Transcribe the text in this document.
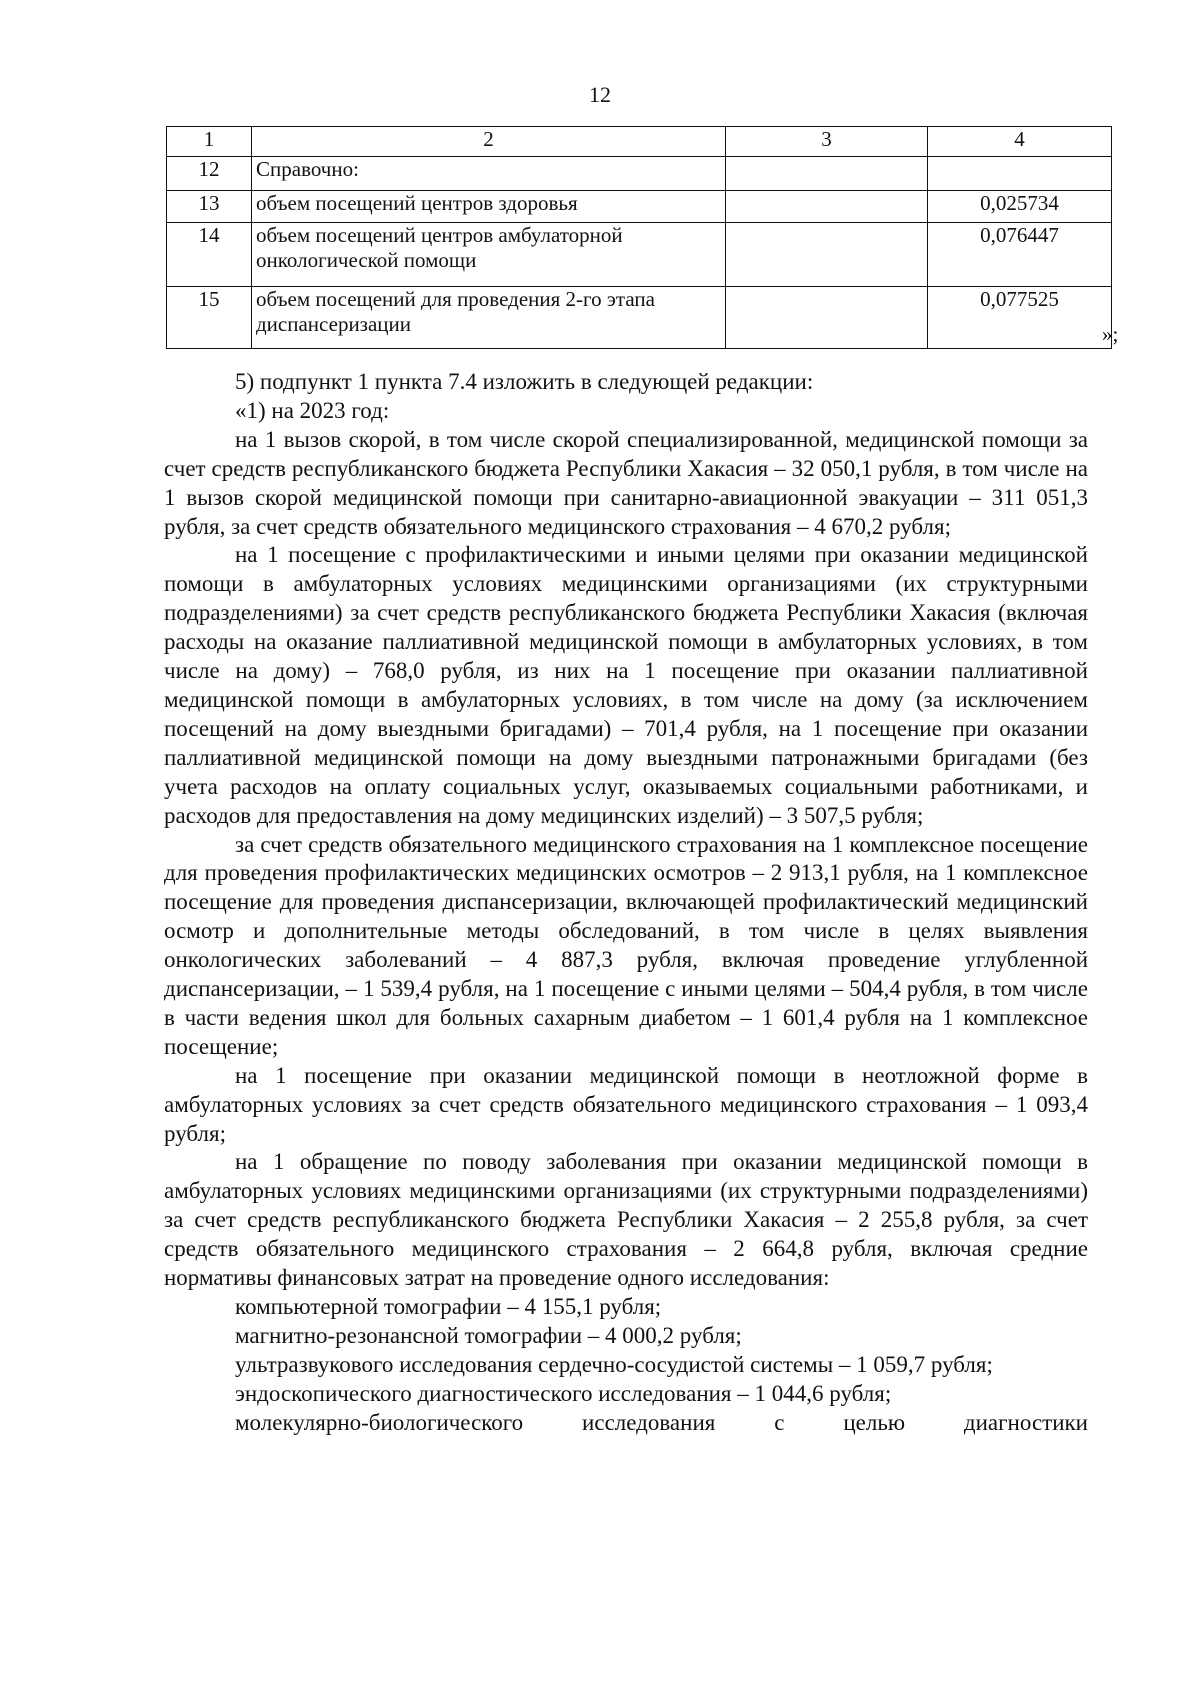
12
1	2	3	4
12	Справочно:		
13	объем посещений центров здоровья		0,025734
14	объем посещений центров амбулаторной онкологической помощи		0,076447
15	объем посещений для проведения 2-го этапа диспансеризации		0,077525
»;

5) подпункт 1 пункта 7.4 изложить в следующей редакции:

«1) на 2023 год:

на 1 вызов скорой, в том числе скорой специализированной, медицинской помощи за счет средств республиканского бюджета Республики Хакасия – 32 050,1 рубля, в том числе на 1 вызов скорой медицинской помощи при санитарно-авиационной эвакуации – 311 051,3 рубля, за счет средств обязательного медицинского страхования – 4 670,2 рубля;

на 1 посещение с профилактическими и иными целями при оказании медицинской помощи в амбулаторных условиях медицинскими организациями (их структурными подразделениями) за счет средств республиканского бюджета Республики Хакасия (включая расходы на оказание паллиативной медицинской помощи в амбулаторных условиях, в том числе на дому) – 768,0 рубля, из них на 1 посещение при оказании паллиативной медицинской помощи в амбулаторных условиях, в том числе на дому (за исключением посещений на дому выездными бригадами) – 701,4 рубля, на 1 посещение при оказании паллиативной медицинской помощи на дому выездными патронажными бригадами (без учета расходов на оплату социальных услуг, оказываемых социальными работниками, и расходов для предоставления на дому медицинских изделий) – 3 507,5 рубля;

за счет средств обязательного медицинского страхования на 1 комплексное посещение для проведения профилактических медицинских осмотров – 2 913,1 рубля, на 1 комплексное посещение для проведения диспансеризации, включающей профилактический медицинский осмотр и дополнительные методы обследований, в том числе в целях выявления онкологических заболеваний – 4 887,3 рубля, включая проведение углубленной диспансеризации, – 1 539,4 рубля, на 1 посещение с иными целями – 504,4 рубля, в том числе в части ведения школ для больных сахарным диабетом – 1 601,4 рубля на 1 комплексное посещение;

на 1 посещение при оказании медицинской помощи в неотложной форме в амбулаторных условиях за счет средств обязательного медицинского страхования – 1 093,4 рубля;

на 1 обращение по поводу заболевания при оказании медицинской помощи в амбулаторных условиях медицинскими организациями (их структурными подразделениями) за счет средств республиканского бюджета Республики Хакасия – 2 255,8 рубля, за счет средств обязательного медицинского страхования – 2 664,8 рубля, включая средние нормативы финансовых затрат на проведение одного исследования:

компьютерной томографии – 4 155,1 рубля;

магнитно-резонансной томографии – 4 000,2 рубля;

ультразвукового исследования сердечно-сосудистой системы – 1 059,7 рубля;

эндоскопического диагностического исследования – 1 044,6 рубля;

молекулярно-биологического исследования с целью диагностики
